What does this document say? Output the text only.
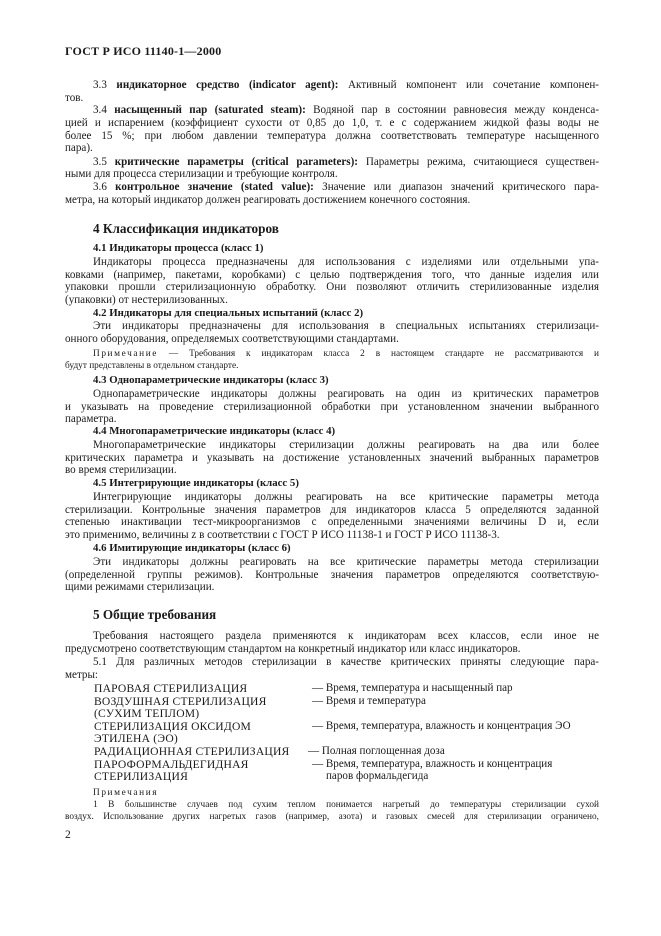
ГОСТ Р ИСО 11140-1—2000
3.3 индикаторное средство (indicator agent): Активный компонент или сочетание компонен-
тов.
3.4 насыщенный пар (saturated steam): Водяной пар в состоянии равновесия между конденса-
цией и испарением (коэффициент сухости от 0,85 до 1,0, т. е с содержанием жидкой фазы воды не
более 15 %; при любом давлении температура должна соответствовать температуре насыщенного
пара).
3.5 критические параметры (critical parameters): Параметры режима, считающиеся существен-
ными для процесса стерилизации и требующие контроля.
3.6 контрольное значение (stated value): Значение или диапазон значений критического пара-
метра, на который индикатор должен реагировать достижением конечного состояния.
4 Классификация индикаторов
4.1 Индикаторы процесса (класс 1)
Индикаторы процесса предназначены для использования с изделиями или отдельными упа-
ковками (например, пакетами, коробками) с целью подтверждения того, что данные изделия или
упаковки прошли стерилизационную обработку. Они позволяют отличить стерилизованные изделия
(упаковки) от нестерилизованных.
4.2 Индикаторы для специальных испытаний (класс 2)
Эти индикаторы предназначены для использования в специальных испытаниях стерилизаци-
онного оборудования, определяемых соответствующими стандартами.
Примечание — Требования к индикаторам класса 2 в настоящем стандарте не рассматриваются и
будут представлены в отдельном стандарте.
4.3 Однопараметрические индикаторы (класс 3)
Однопараметрические индикаторы должны реагировать на один из критических параметров
и указывать на проведение стерилизационной обработки при установленном значении выбранного
параметра.
4.4 Многопараметрические индикаторы (класс 4)
Многопараметрические индикаторы стерилизации должны реагировать на два или более
критических параметра и указывать на достижение установленных значений выбранных параметров
во время стерилизации.
4.5 Интегрирующие индикаторы (класс 5)
Интегрирующие индикаторы должны реагировать на все критические параметры метода
стерилизации. Контрольные значения параметров для индикаторов класса 5 определяются заданной
степенью инактивации тест-микроорганизмов с определенными значениями величины D и, если
это применимо, величины z в соответствии с ГОСТ Р ИСО 11138-1 и ГОСТ Р ИСО 11138-3.
4.6 Имитирующие индикаторы (класс 6)
Эти индикаторы должны реагировать на все критические параметры метода стерилизации
(определенной группы режимов). Контрольные значения параметров определяются соответствую-
щими режимами стерилизации.
5 Общие требования
Требования настоящего раздела применяются к индикаторам всех классов, если иное не
предусмотрено соответствующим стандартом на конкретный индикатор или класс индикаторов.
5.1 Для различных методов стерилизации в качестве критических приняты следующие пара-
метры:
ПАРОВАЯ СТЕРИЛИЗАЦИЯ	— Время, температура и насыщенный пар
ВОЗДУШНАЯ СТЕРИЛИЗАЦИЯ	— Время и температура
(СУХИМ ТЕПЛОМ)
СТЕРИЛИЗАЦИЯ ОКСИДОМ	— Время, температура, влажность и концентрация ЭО
ЭТИЛЕНА (ЭО)
РАДИАЦИОННАЯ СТЕРИЛИЗАЦИЯ — Полная поглощенная доза
ПАРОФОРМАЛЬДЕГИДНАЯ	— Время, температура, влажность и концентрация
СТЕРИЛИЗАЦИЯ	паров формальдегида
Примечания
1 В большинстве случаев под сухим теплом понимается нагретый до температуры стерилизации сухой
воздух. Использование других нагретых газов (например, азота) и газовых смесей для стерилизации ограничено,
2
